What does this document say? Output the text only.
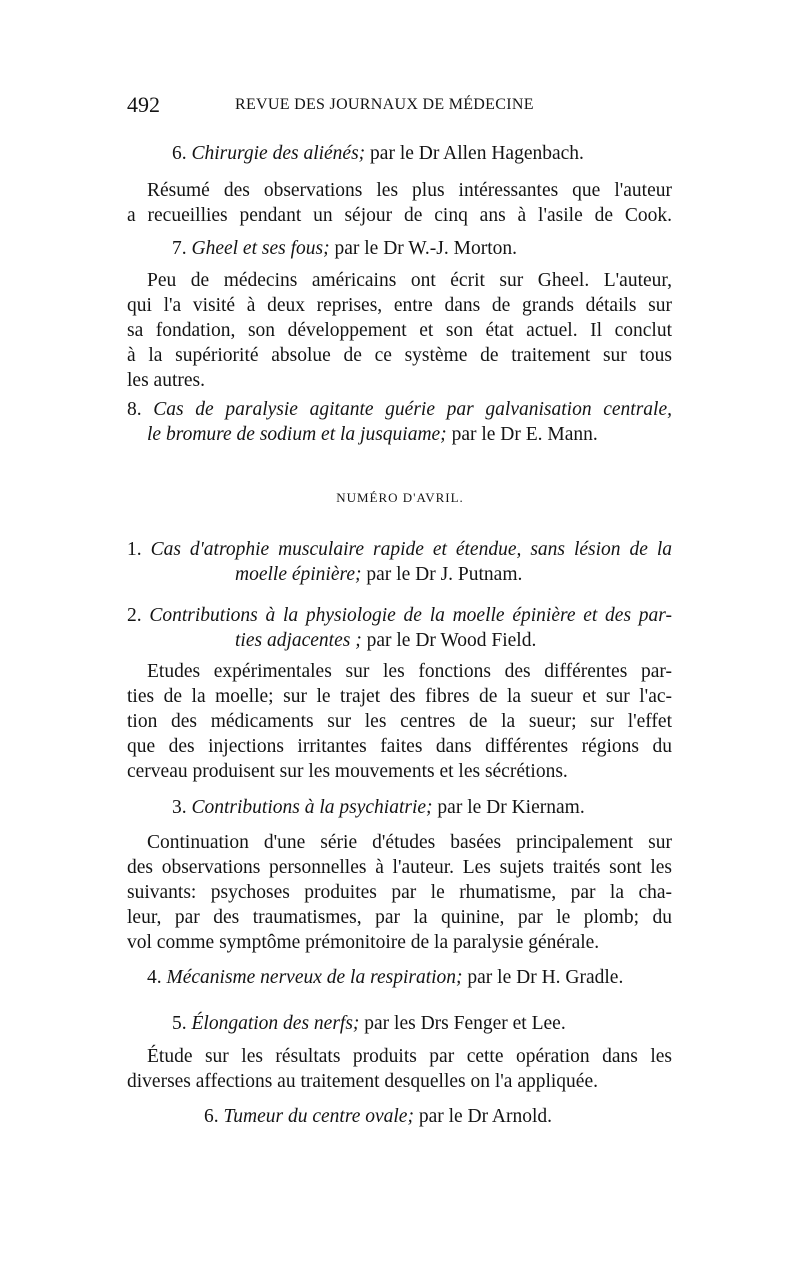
492	REVUE DES JOURNAUX DE MÉDECINE
6. Chirurgie des aliénés; par le Dr Allen Hagenbach.
Résumé des observations les plus intéressantes que l'auteur
a recueillies pendant un séjour de cinq ans à l'asile de Cook.
7. Gheel et ses fous; par le Dr W.-J. Morton.
Peu de médecins américains ont écrit sur Gheel. L'auteur,
qui l'a visité à deux reprises, entre dans de grands détails sur
sa fondation, son développement et son état actuel. Il conclut
à la supériorité absolue de ce système de traitement sur tous
les autres.
8. Cas de paralysie agitante guérie par galvanisation centrale,
le bromure de sodium et la jusquiame; par le Dr E. Mann.
NUMÉRO D'AVRIL.
1. Cas d'atrophie musculaire rapide et étendue, sans lésion de la
moelle épinière; par le Dr J. Putnam.
2. Contributions à la physiologie de la moelle épinière et des par-
ties adjacentes ; par le Dr Wood Field.
Etudes expérimentales sur les fonctions des différentes par-
ties de la moelle; sur le trajet des fibres de la sueur et sur l'ac-
tion des médicaments sur les centres de la sueur; sur l'effet
que des injections irritantes faites dans différentes régions du
cerveau produisent sur les mouvements et les sécrétions.
3. Contributions à la psychiatrie; par le Dr Kiernam.
Continuation d'une série d'études basées principalement sur
des observations personnelles à l'auteur. Les sujets traités sont les
suivants: psychoses produites par le rhumatisme, par la cha-
leur, par des traumatismes, par la quinine, par le plomb; du
vol comme symptôme prémonitoire de la paralysie générale.
4. Mécanisme nerveux de la respiration; par le Dr H. Gradle.
5. Élongation des nerfs; par les Drs Fenger et Lee.
Étude sur les résultats produits par cette opération dans les
diverses affections au traitement desquelles on l'a appliquée.
6. Tumeur du centre ovale; par le Dr Arnold.
